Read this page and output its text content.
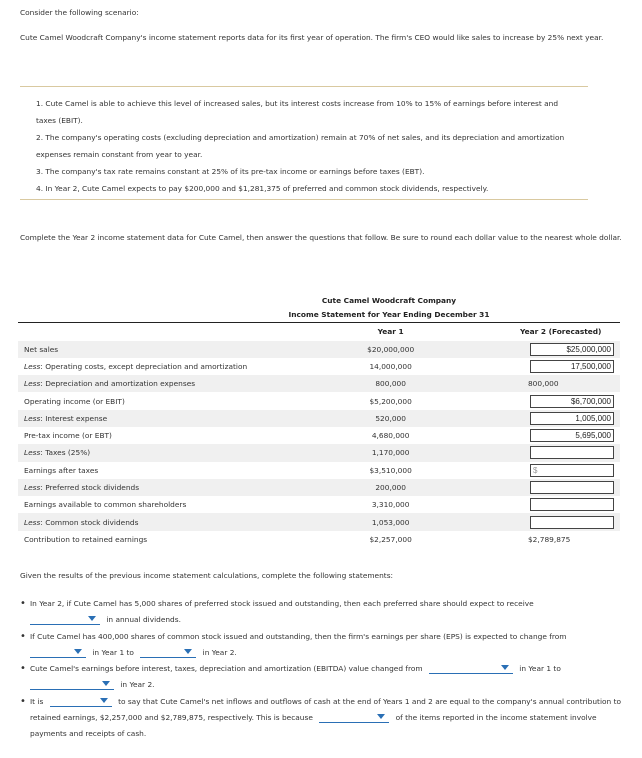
Consider the following scenario:

Cute Camel Woodcraft Company's income statement reports data for its first year of operation. The firm's CEO would like sales to increase by 25% next year.

1. Cute Camel is able to achieve this level of increased sales, but its interest costs increase from 10% to 15% of earnings before interest and taxes (EBIT).
2. The company's operating costs (excluding depreciation and amortization) remain at 70% of net sales, and its depreciation and amortization expenses remain constant from year to year.
3. The company's tax rate remains constant at 25% of its pre-tax income or earnings before taxes (EBT).
4. In Year 2, Cute Camel expects to pay $200,000 and $1,281,375 of preferred and common stock dividends, respectively.

Complete the Year 2 income statement data for Cute Camel, then answer the questions that follow. Be sure to round each dollar value to the nearest whole dollar.

Cute Camel Woodcraft Company
Income Statement for Year Ending December 31
	Year 1	Year 2 (Forecasted)
Net sales	$20,000,000	$25,000,000

Less: Operating costs, except depreciation and amortization	14,000,000	17,500,000

Less: Depreciation and amortization expenses	800,000	800,000
Operating income (or EBIT)	$5,200,000	$6,700,000

Less: Interest expense	520,000	1,005,000

Pre-tax income (or EBT)	4,680,000	5,695,000

Less: Taxes (25%)	1,170,000	

Earnings after taxes	$3,510,000	$

Less: Preferred stock dividends	200,000	

Earnings available to common shareholders	3,310,000	

Less: Common stock dividends	1,053,000	

Contribution to retained earnings	$2,257,000	$2,789,875

Given the results of the previous income statement calculations, complete the following statements:

• In Year 2, if Cute Camel has 5,000 shares of preferred stock issued and outstanding, then each preferred share should expect to receive

in annual dividends.
• If Cute Camel has 400,000 shares of common stock issued and outstanding, then the firm's earnings per share (EPS) is expected to change from

in Year 1 to	in Year 2.
• Cute Camel's earnings before interest, taxes, depreciation and amortization (EBITDA) value changed from	in Year 1 to

in Year 2.
• It is	to say that Cute Camel's net inflows and outflows of cash at the end of Years 1 and 2 are equal to the company's annual contribution to retained earnings, $2,257,000 and $2,789,875, respectively. This is because	of the items reported in the income statement involve payments and receipts of cash.
